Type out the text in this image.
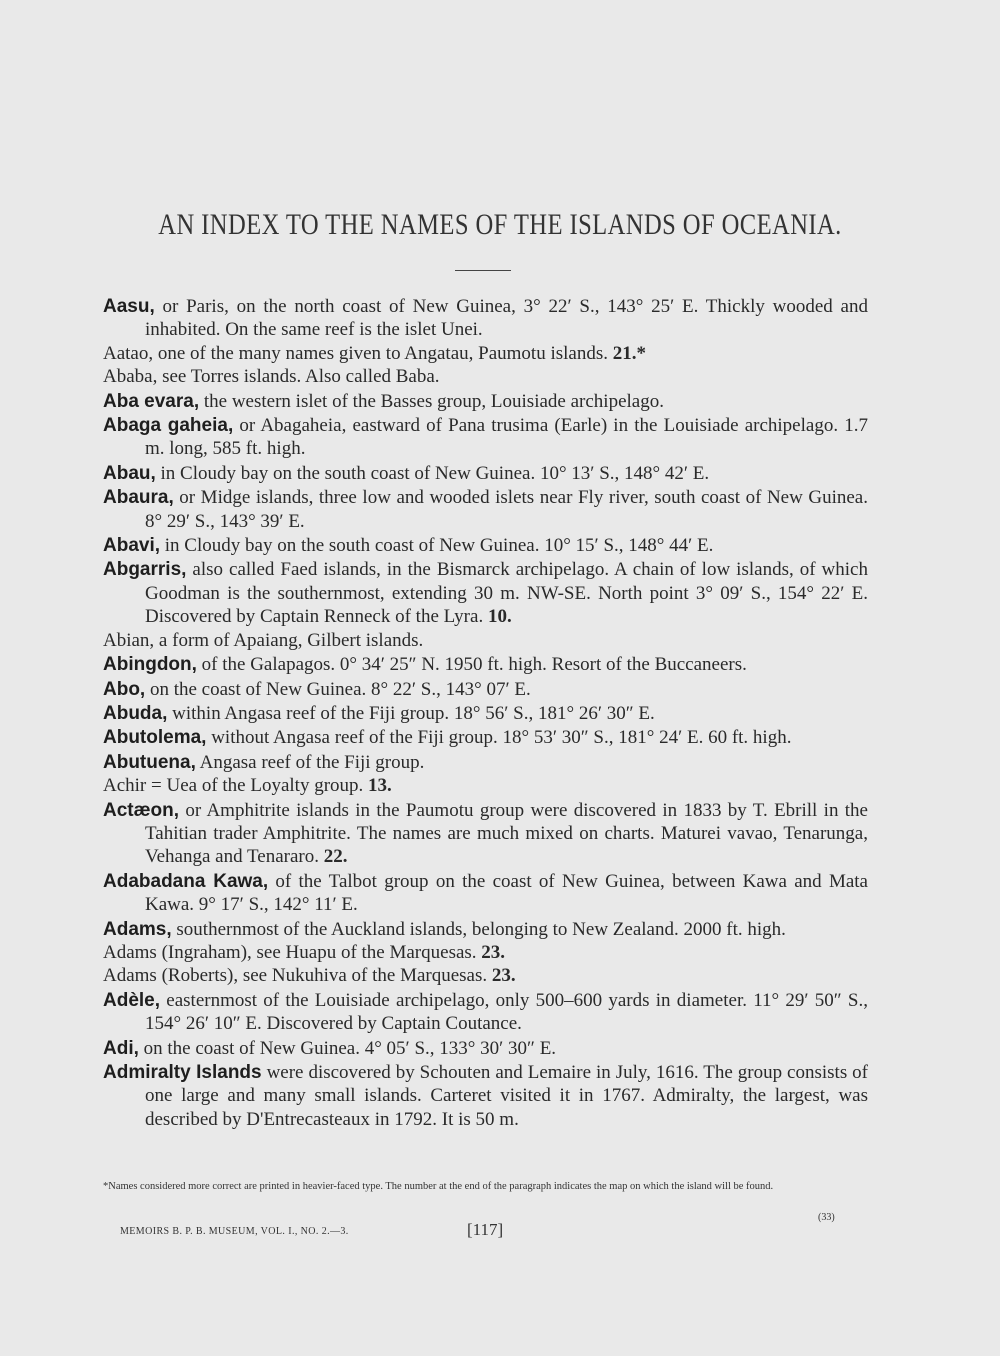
AN INDEX TO THE NAMES OF THE ISLANDS OF OCEANIA.

Aasu, or Paris, on the north coast of New Guinea, 3° 22′ S., 143° 25′ E. Thickly wooded and inhabited. On the same reef is the islet Unei.

Aatao, one of the many names given to Angatau, Paumotu islands. 21.*

Ababa, see Torres islands. Also called Baba.

Aba evara, the western islet of the Basses group, Louisiade archipelago.

Abaga gaheia, or Abagaheia, eastward of Pana trusima (Earle) in the Louisiade archipelago. 1.7 m. long, 585 ft. high.

Abau, in Cloudy bay on the south coast of New Guinea. 10° 13′ S., 148° 42′ E.

Abaura, or Midge islands, three low and wooded islets near Fly river, south coast of New Guinea. 8° 29′ S., 143° 39′ E.

Abavi, in Cloudy bay on the south coast of New Guinea. 10° 15′ S., 148° 44′ E.

Abgarris, also called Faed islands, in the Bismarck archipelago. A chain of low islands, of which Goodman is the southernmost, extending 30 m. NW-SE. North point 3° 09′ S., 154° 22′ E. Discovered by Captain Renneck of the Lyra. 10.

Abian, a form of Apaiang, Gilbert islands.

Abingdon, of the Galapagos. 0° 34′ 25″ N. 1950 ft. high. Resort of the Buccaneers.

Abo, on the coast of New Guinea. 8° 22′ S., 143° 07′ E.

Abuda, within Angasa reef of the Fiji group. 18° 56′ S., 181° 26′ 30″ E.

Abutolema, without Angasa reef of the Fiji group. 18° 53′ 30″ S., 181° 24′ E. 60 ft. high.

Abutuena, Angasa reef of the Fiji group.

Achir = Uea of the Loyalty group. 13.

Actæon, or Amphitrite islands in the Paumotu group were discovered in 1833 by T. Ebrill in the Tahitian trader Amphitrite. The names are much mixed on charts. Maturei vavao, Tenarunga, Vehanga and Tenararo. 22.

Adabadana Kawa, of the Talbot group on the coast of New Guinea, between Kawa and Mata Kawa. 9° 17′ S., 142° 11′ E.

Adams, southernmost of the Auckland islands, belonging to New Zealand. 2000 ft. high.

Adams (Ingraham), see Huapu of the Marquesas. 23.

Adams (Roberts), see Nukuhiva of the Marquesas. 23.

Adèle, easternmost of the Louisiade archipelago, only 500–600 yards in diameter. 11° 29′ 50″ S., 154° 26′ 10″ E. Discovered by Captain Coutance.

Adi, on the coast of New Guinea. 4° 05′ S., 133° 30′ 30″ E.

Admiralty Islands were discovered by Schouten and Lemaire in July, 1616. The group consists of one large and many small islands. Carteret visited it in 1767. Admiralty, the largest, was described by D'Entrecasteaux in 1792. It is 50 m.

*Names considered more correct are printed in heavier-faced type. The number at the end of the paragraph indicates the map on which the island will be found.
MEMOIRS B. P. B. MUSEUM, VOL. I., NO. 2.—3.	[117]
(33)
